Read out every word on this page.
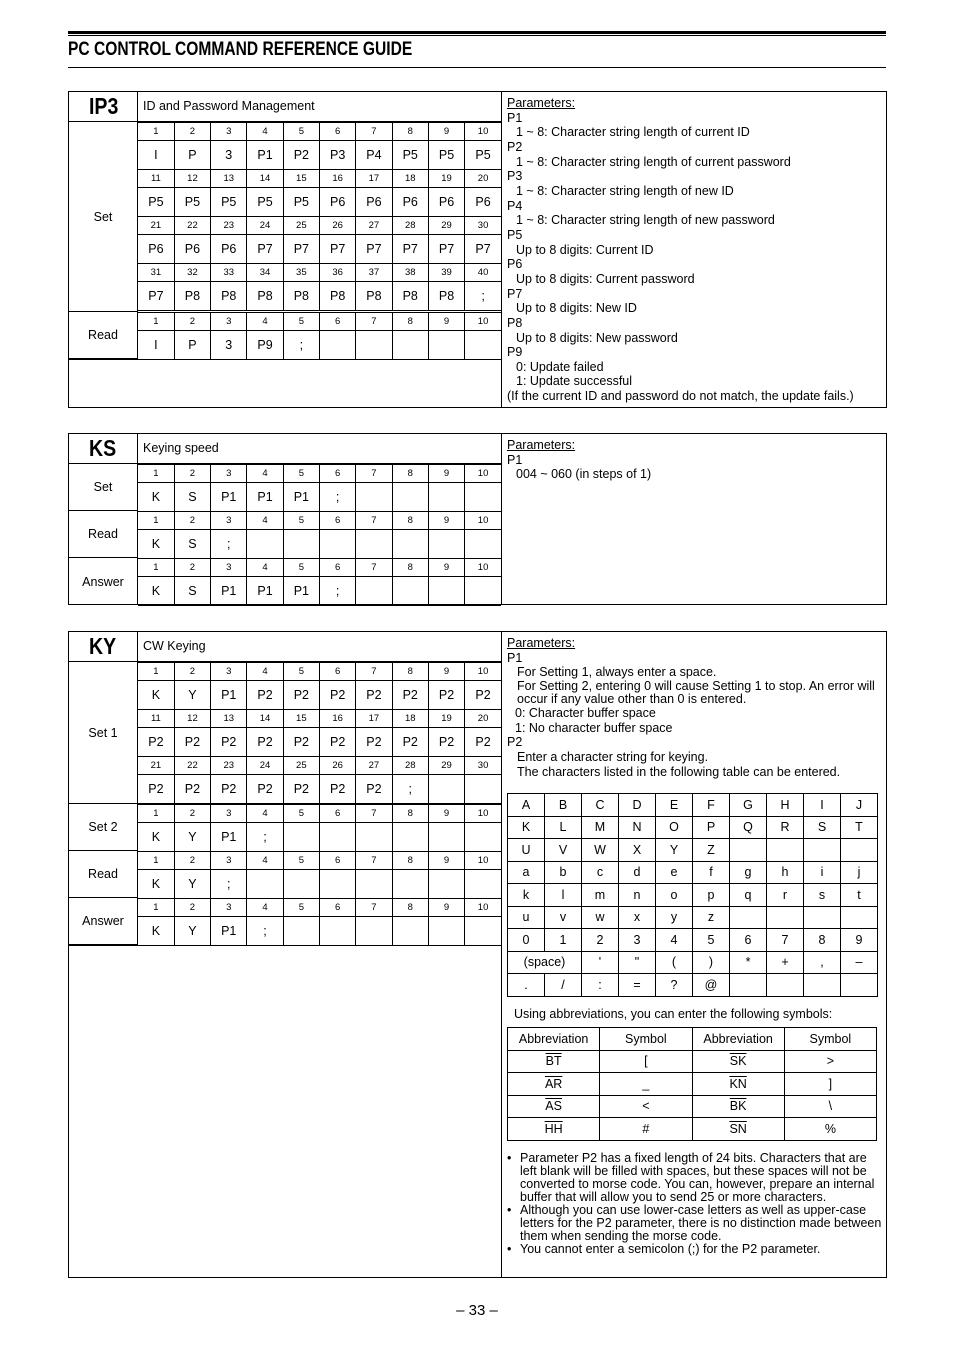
PC CONTROL COMMAND REFERENCE GUIDE
IP3	ID and Password Management
Set
1	2	3	4	5	6	7	8	9	10
I	P	3	P1	P2	P3	P4	P5	P5	P5
11	12	13	14	15	16	17	18	19	20
P5	P5	P5	P5	P5	P6	P6	P6	P6	P6
21	22	23	24	25	26	27	28	29	30
P6	P6	P6	P7	P7	P7	P7	P7	P7	P7
31	32	33	34	35	36	37	38	39	40
P7	P8	P8	P8	P8	P8	P8	P8	P8	;
Read
1	2	3	4	5	6	7	8	9	10
I	P	3	P9	;					
Parameters:
P1
1 ~ 8: Character string length of current ID
P2
1 ~ 8: Character string length of current password
P3
1 ~ 8: Character string length of new ID
P4
1 ~ 8: Character string length of new password
P5
Up to 8 digits: Current ID
P6
Up to 8 digits: Current password
P7
Up to 8 digits: New ID
P8
Up to 8 digits: New password
P9
0: Update failed
1: Update successful
(If the current ID and password do not match, the update fails.)
KS	Keying speed
Set
1	2	3	4	5	6	7	8	9	10
K	S	P1	P1	P1	;				
Read
1	2	3	4	5	6	7	8	9	10
K	S	;							
Answer
1	2	3	4	5	6	7	8	9	10
K	S	P1	P1	P1	;				
Parameters:
P1
004 ~ 060 (in steps of 1)
KY	CW Keying
Set 1
1	2	3	4	5	6	7	8	9	10
K	Y	P1	P2	P2	P2	P2	P2	P2	P2
11	12	13	14	15	16	17	18	19	20
P2	P2	P2	P2	P2	P2	P2	P2	P2	P2
21	22	23	24	25	26	27	28	29	30
P2	P2	P2	P2	P2	P2	P2	;		
Set 2
1	2	3	4	5	6	7	8	9	10
K	Y	P1	;						
Read
1	2	3	4	5	6	7	8	9	10
K	Y	;							
Answer
1	2	3	4	5	6	7	8	9	10
K	Y	P1	;						
Parameters:
P1
For Setting 1, always enter a space.
For Setting 2, entering 0 will cause Setting 1 to stop. An error will occur if any value other than 0 is entered.
0: Character buffer space
1: No character buffer space
P2
Enter a character string for keying.
The characters listed in the following table can be entered.
A	B	C	D	E	F	G	H	I	J
K	L	M	N	O	P	Q	R	S	T
U	V	W	X	Y	Z				
a	b	c	d	e	f	g	h	i	j
k	l	m	n	o	p	q	r	s	t
u	v	w	x	y	z				
0	1	2	3	4	5	6	7	8	9
(space)		'	"	(	)	*	+	,	–
.	/	:	=	?	@				
Using abbreviations, you can enter the following symbols:
Abbreviation	Symbol	Abbreviation	Symbol
$\overline{BT}$	[	$\overline{SK}$	>
$\overline{AR}$	_	$\overline{KN}$	]
$\overline{AS}$	<	$\overline{BK}$	\
$\overline{HH}$	#	$\overline{SN}$	%
• Parameter P2 has a fixed length of 24 bits. Characters that are left blank will be filled with spaces, but these spaces will not be converted to morse code. You can, however, prepare an internal buffer that will allow you to send 25 or more characters.
• Although you can use lower-case letters as well as upper-case letters for the P2 parameter, there is no distinction made between them when sending the morse code.
• You cannot enter a semicolon (;) for the P2 parameter.
– 33 –
